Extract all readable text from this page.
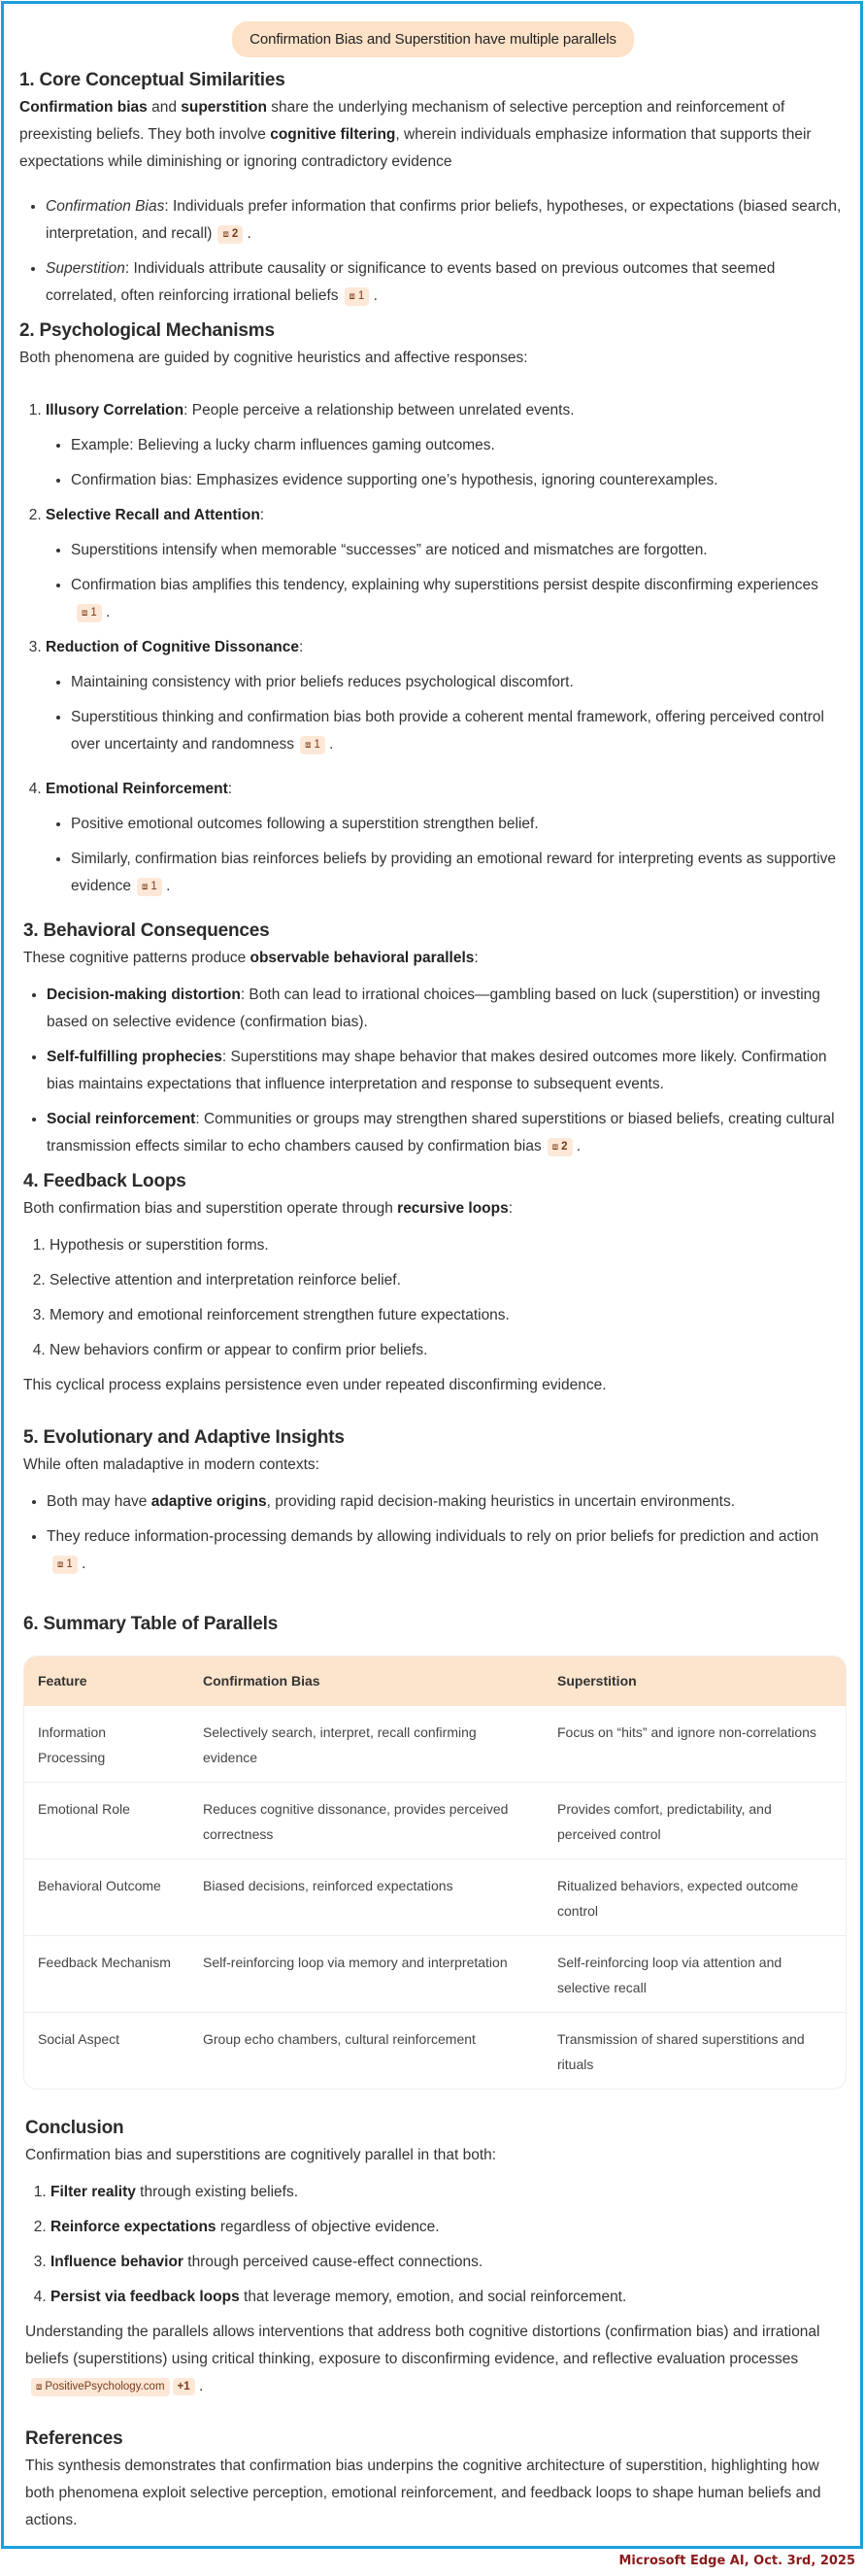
Confirmation Bias and Superstition have multiple parallels
1. Core Conceptual Similarities

Confirmation bias and superstition share the underlying mechanism of selective perception and reinforcement of preexisting beliefs. They both involve cognitive filtering, wherein individuals emphasize information that supports their expectations while diminishing or ignoring contradictory evidence

• Confirmation Bias: Individuals prefer information that confirms prior beliefs, hypotheses, or expectations (biased search, interpretation, and recall) ⧈ 2 .
• Superstition: Individuals attribute causality or significance to events based on previous outcomes that seemed correlated, often reinforcing irrational beliefs ⧈ 1 .
2. Psychological Mechanisms

Both phenomena are guided by cognitive heuristics and affective responses:

1. Illusory Correlation: People perceive a relationship between unrelated events.
• Example: Believing a lucky charm influences gaming outcomes.
• Confirmation bias: Emphasizes evidence supporting one’s hypothesis, ignoring counterexamples.
2. Selective Recall and Attention:
• Superstitions intensify when memorable “successes” are noticed and mismatches are forgotten.
• Confirmation bias amplifies this tendency, explaining why superstitions persist despite disconfirming experiences⧈ 1 .
3. Reduction of Cognitive Dissonance:
• Maintaining consistency with prior beliefs reduces psychological discomfort.
• Superstitious thinking and confirmation bias both provide a coherent mental framework, offering perceived control over uncertainty and randomness ⧈ 1 .
4. Emotional Reinforcement:
• Positive emotional outcomes following a superstition strengthen belief.
• Similarly, confirmation bias reinforces beliefs by providing an emotional reward for interpreting events as supportive evidence ⧈ 1 .
3. Behavioral Consequences

These cognitive patterns produce observable behavioral parallels:

• Decision-making distortion: Both can lead to irrational choices—gambling based on luck (superstition) or investing based on selective evidence (confirmation bias).
• Self-fulfilling prophecies: Superstitions may shape behavior that makes desired outcomes more likely. Confirmation bias maintains expectations that influence interpretation and response to subsequent events.
• Social reinforcement: Communities or groups may strengthen shared superstitions or biased beliefs, creating cultural transmission effects similar to echo chambers caused by confirmation bias ⧈ 2 .
4. Feedback Loops

Both confirmation bias and superstition operate through recursive loops:

1. Hypothesis or superstition forms.
2. Selective attention and interpretation reinforce belief.
3. Memory and emotional reinforcement strengthen future expectations.
4. New behaviors confirm or appear to confirm prior beliefs.

This cyclical process explains persistence even under repeated disconfirming evidence.

5. Evolutionary and Adaptive Insights

While often maladaptive in modern contexts:

• Both may have adaptive origins, providing rapid decision-making heuristics in uncertain environments.
• They reduce information-processing demands by allowing individuals to rely on prior beliefs for prediction and action⧈ 1 .
6. Summary Table of Parallels
Feature	Confirmation Bias	Superstition
Information Processing	Selectively search, interpret, recall confirming evidence	Focus on “hits” and ignore non-correlations
Emotional Role	Reduces cognitive dissonance, provides perceived correctness	Provides comfort, predictability, and perceived control
Behavioral Outcome	Biased decisions, reinforced expectations	Ritualized behaviors, expected outcome control
Feedback Mechanism	Self-reinforcing loop via memory and interpretation	Self-reinforcing loop via attention and selective recall
Social Aspect	Group echo chambers, cultural reinforcement	Transmission of shared superstitions and rituals
Conclusion

Confirmation bias and superstitions are cognitively parallel in that both:

1. Filter reality through existing beliefs.
2. Reinforce expectations regardless of objective evidence.
3. Influence behavior through perceived cause-effect connections.
4. Persist via feedback loops that leverage memory, emotion, and social reinforcement.

Understanding the parallels allows interventions that address both cognitive distortions (confirmation bias) and irrational beliefs (superstitions) using critical thinking, exposure to disconfirming evidence, and reflective evaluation processes⧈ PositivePsychology.com +1 .

References

This synthesis demonstrates that confirmation bias underpins the cognitive architecture of superstition, highlighting how both phenomena exploit selective perception, emotional reinforcement, and feedback loops to shape human beliefs and actions.

Microsoft Edge AI, Oct. 3rd, 2025
